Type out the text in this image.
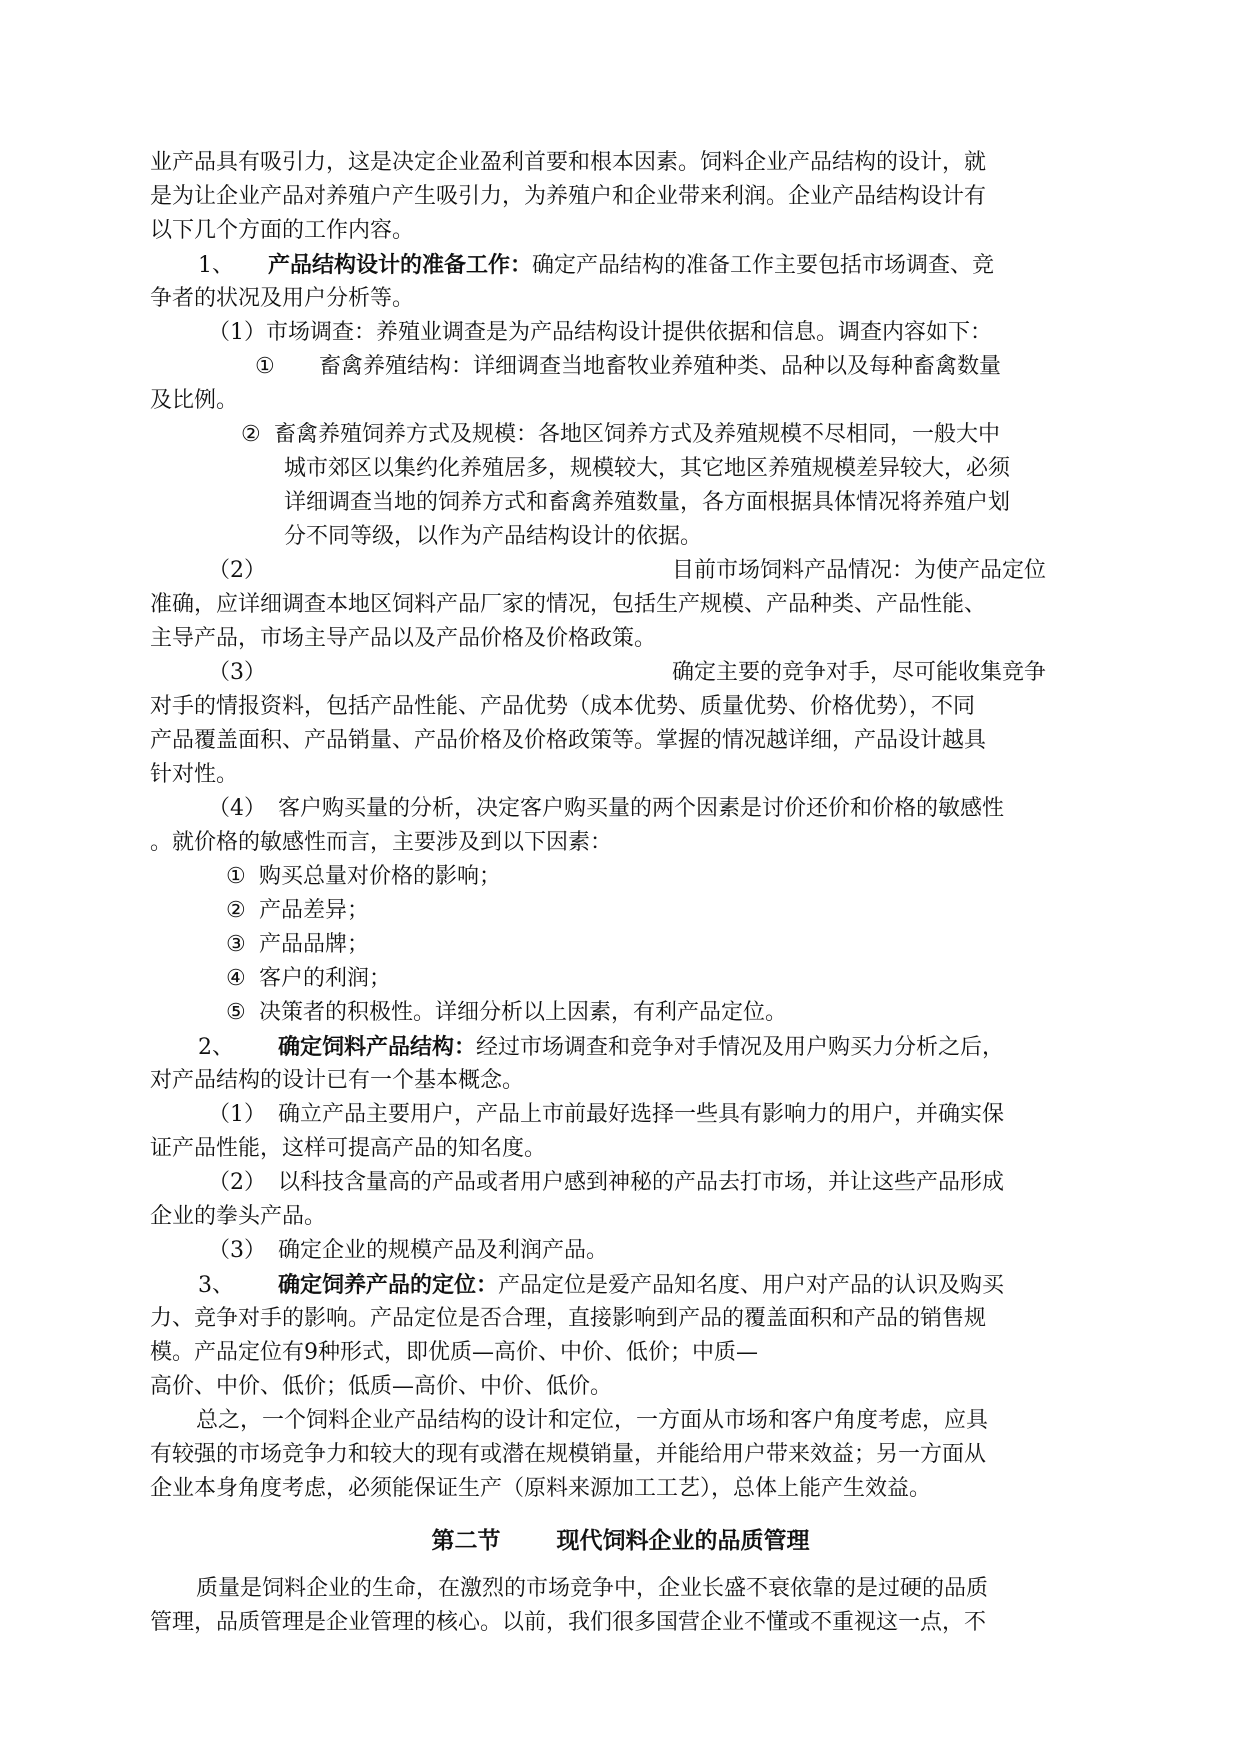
业产品具有吸引力，这是决定企业盈利首要和根本因素。饲料企业产品结构的设计，就
是为让企业产品对养殖户产生吸引力，为养殖户和企业带来利润。企业产品结构设计有
以下几个方面的工作内容。
1、 产品结构设计的准备工作：确定产品结构的准备工作主要包括市场调查、竞
争者的状况及用户分析等。
（1）市场调查：养殖业调查是为产品结构设计提供依据和信息。调查内容如下：
① 畜禽养殖结构：详细调查当地畜牧业养殖种类、品种以及每种畜禽数量
及比例。
② 畜禽养殖饲养方式及规模：各地区饲养方式及养殖规模不尽相同，一般大中
城市郊区以集约化养殖居多，规模较大，其它地区养殖规模差异较大，必须
详细调查当地的饲养方式和畜禽养殖数量，各方面根据具体情况将养殖户划
分不同等级，以作为产品结构设计的依据。
（2）	目前市场饲料产品情况：为使产品定位
准确，应详细调查本地区饲料产品厂家的情况，包括生产规模、产品种类、产品性能、
主导产品，市场主导产品以及产品价格及价格政策。
（3）	确定主要的竞争对手，尽可能收集竞争
对手的情报资料，包括产品性能、产品优势（成本优势、质量优势、价格优势），不同
产品覆盖面积、产品销量、产品价格及价格政策等。掌握的情况越详细，产品设计越具
针对性。
（4） 客户购买量的分析，决定客户购买量的两个因素是讨价还价和价格的敏感性
。就价格的敏感性而言，主要涉及到以下因素：
① 购买总量对价格的影响；
② 产品差异；
③ 产品品牌；
④ 客户的利润；
⑤ 决策者的积极性。详细分析以上因素，有利产品定位。
2、 确定饲料产品结构：经过市场调查和竞争对手情况及用户购买力分析之后，
对产品结构的设计已有一个基本概念。
（1） 确立产品主要用户，产品上市前最好选择一些具有影响力的用户，并确实保
证产品性能，这样可提高产品的知名度。
（2） 以科技含量高的产品或者用户感到神秘的产品去打市场，并让这些产品形成
企业的拳头产品。
（3） 确定企业的规模产品及利润产品。
3、 确定饲养产品的定位：产品定位是爱产品知名度、用户对产品的认识及购买
力、竞争对手的影响。产品定位是否合理，直接影响到产品的覆盖面积和产品的销售规
模。产品定位有9种形式，即优质—高价、中价、低价；中质—
高价、中价、低价；低质—高价、中价、低价。
总之，一个饲料企业产品结构的设计和定位，一方面从市场和客户角度考虑，应具
有较强的市场竞争力和较大的现有或潜在规模销量，并能给用户带来效益；另一方面从
企业本身角度考虑，必须能保证生产（原料来源加工工艺），总体上能产生效益。
第二节 现代饲料企业的品质管理
质量是饲料企业的生命，在激烈的市场竞争中，企业长盛不衰依靠的是过硬的品质
管理，品质管理是企业管理的核心。以前，我们很多国营企业不懂或不重视这一点，不
